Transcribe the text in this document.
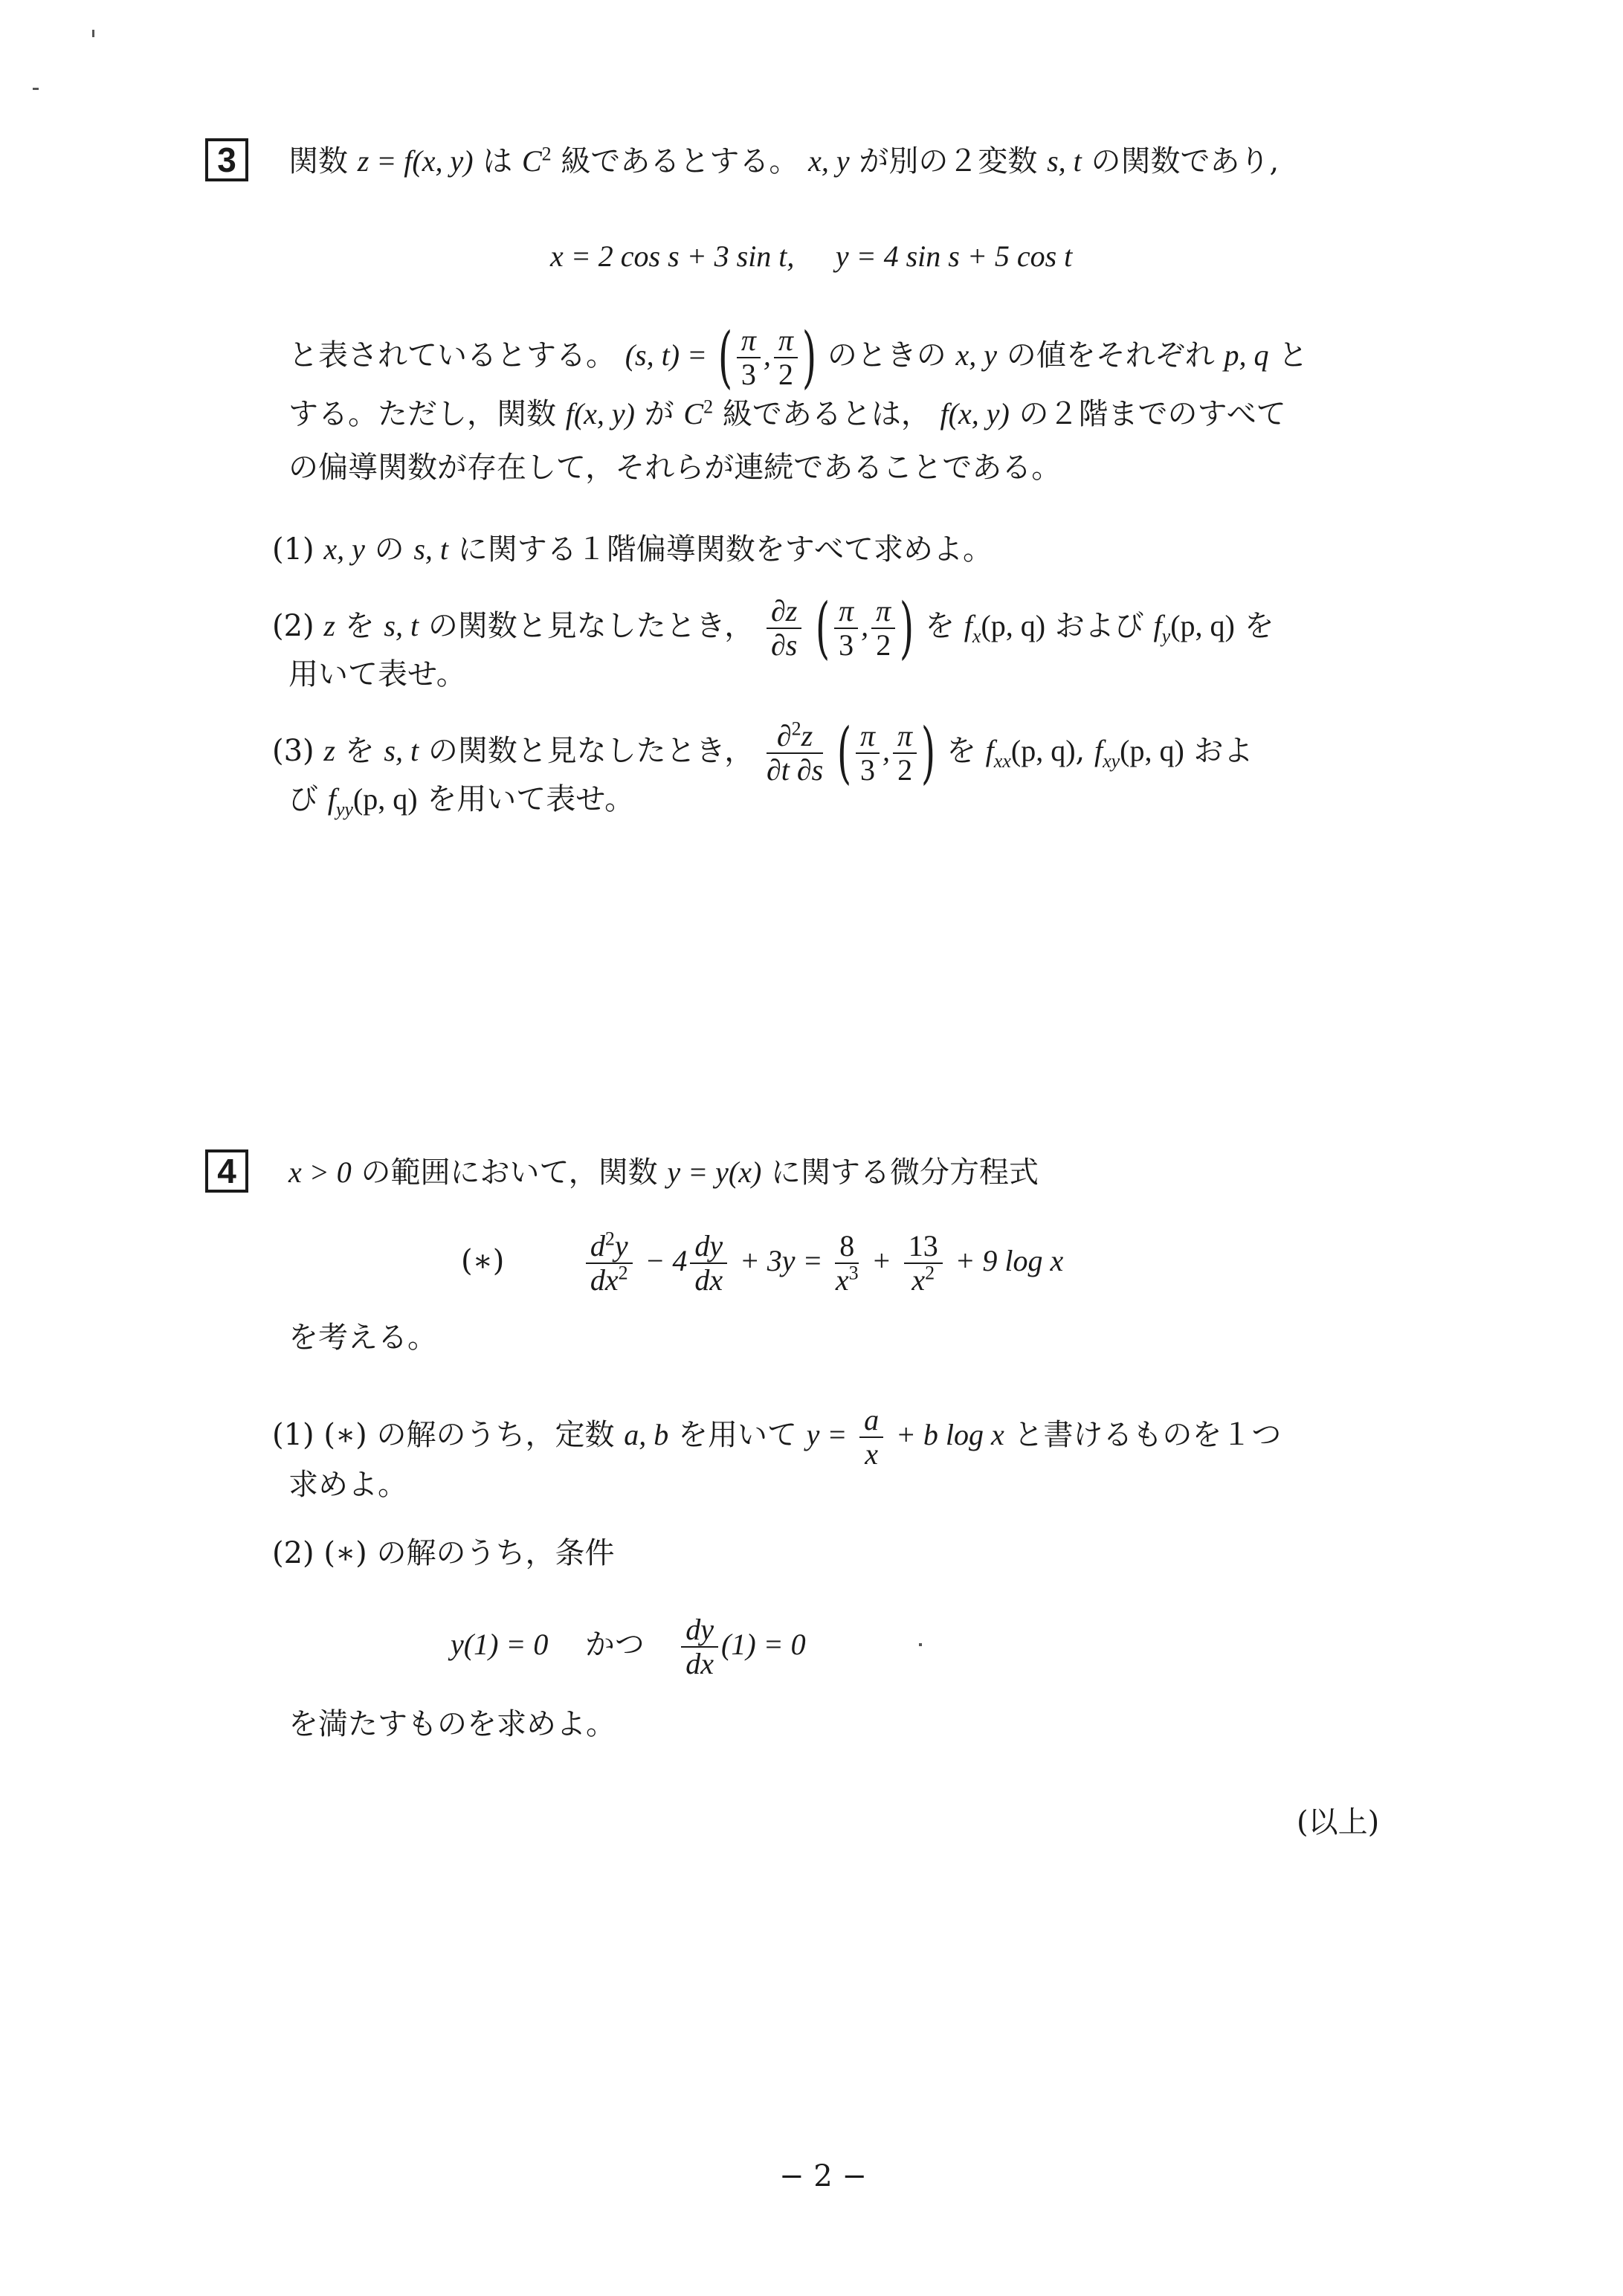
3	関数 z = f(x, y) は $C^2$ 級であるとする。 x, y が別の２変数 s, t の関数であり,
x = 2 cos s + 3 sin t, y = 4 sin s + 5 cos t
と表されているとする。 (s, t) = ( $\frac{\pi}{3}$ , $\frac{\pi}{2}$ ) のときの x, y の値をそれぞれ p, q と
する。ただし，関数 f(x, y) が $C^2$ 級であるとは， f(x, y) の２階までのすべて
の偏導関数が存在して，それらが連続であることである。
(1) x, y の s, t に関する１階偏導関数をすべて求めよ。
(2) z を s, t の関数と見なしたとき， $\frac{\partial z}{\partial s}$ ( $\frac{\pi}{3}$ , $\frac{\pi}{2}$ ) を $f_x(p$, q) および $f_y(p$, q) を
用いて表せ。
(3) z を s, t の関数と見なしたとき， $\frac{\partial^2z}{\partial t \partial s}$ ( $\frac{\pi}{3}$ , $\frac{\pi}{2}$ ) を $f_{xx}(p$, q), $f_{xy}(p$, q) およ
び $f_{yy}(p$, q) を用いて表せ。
4	x > 0 の範囲において，関数 y = y(x) に関する微分方程式
(∗)	$\frac{d^2y}{dx^2} - 4 \frac{dy}{dx} + 3y = \frac{8}{x^3} + \frac{13}{x^2} + 9$ log x
を考える。
(1) (∗) の解のうち，定数 a, b を用いて $y = \frac{a}{x} + b$ log x と書けるものを１つ
求めよ。
(2) (∗) の解のうち，条件
y(1) = 0 かつ $\frac{dy}{dx} (1) = 0$
を満たすものを求めよ。
(以上)
− 2 −
